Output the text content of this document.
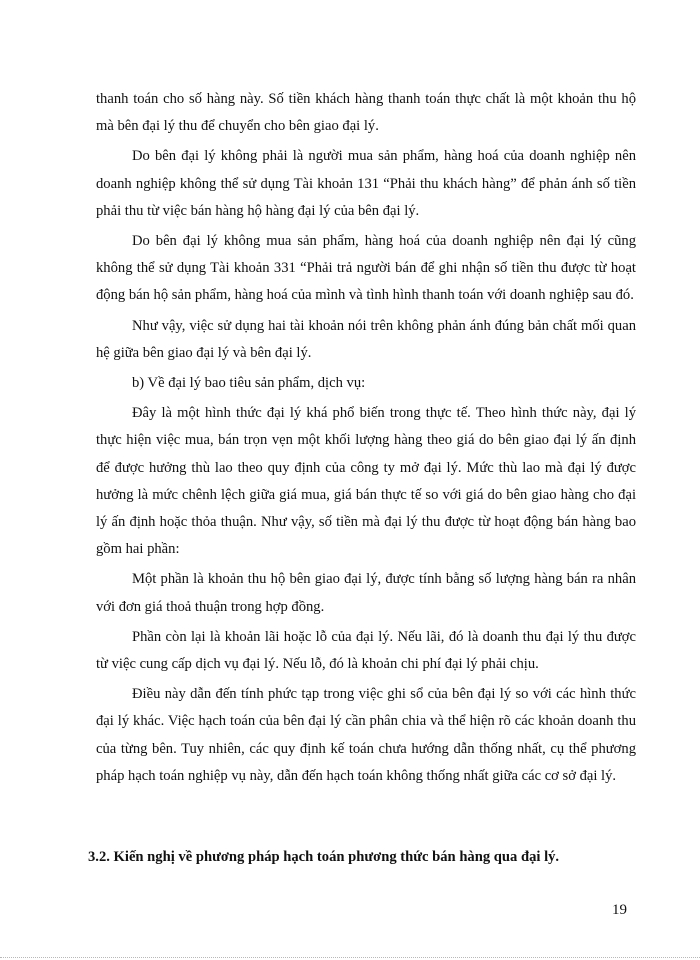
thanh toán cho số hàng này. Số tiền khách hàng thanh toán thực chất là một khoản thu hộ mà bên đại lý thu để chuyển cho bên giao đại lý.

Do bên đại lý không phải là người mua sản phẩm, hàng hoá của doanh nghiệp nên doanh nghiệp không thể sử dụng Tài khoản 131 “Phải thu khách hàng” để phản ánh số tiền phải thu từ việc bán hàng hộ hàng đại lý của bên đại lý.

Do bên đại lý không mua sản phẩm, hàng hoá của doanh nghiệp nên đại lý cũng không thể sử dụng Tài khoản 331 “Phải trả người bán để ghi nhận số tiền thu được từ hoạt động bán hộ sản phẩm, hàng hoá của mình và tình hình thanh toán với doanh nghiệp sau đó.

Như vậy, việc sử dụng hai tài khoản nói trên không phản ánh đúng bản chất mối quan hệ giữa bên giao đại lý và bên đại lý.

b) Về đại lý bao tiêu sản phẩm, dịch vụ:

Đây là một hình thức đại lý khá phổ biến trong thực tế. Theo hình thức này, đại lý thực hiện việc mua, bán trọn vẹn một khối lượng hàng theo giá do bên giao đại lý ấn định để được hưởng thù lao theo quy định của công ty mở đại lý. Mức thù lao mà đại lý được hưởng là mức chênh lệch giữa giá mua, giá bán thực tế so với giá do bên giao hàng cho đại lý ấn định hoặc thỏa thuận. Như vậy, số tiền mà đại lý thu được từ hoạt động bán hàng bao gồm hai phần:

Một phần là khoản thu hộ bên giao đại lý, được tính bằng số lượng hàng bán ra nhân với đơn giá thoả thuận trong hợp đồng.

Phần còn lại là khoản lãi hoặc lỗ của đại lý. Nếu lãi, đó là doanh thu đại lý thu được từ việc cung cấp dịch vụ đại lý. Nếu lỗ, đó là khoản chi phí đại lý phải chịu.

Điều này dẫn đến tính phức tạp trong việc ghi sổ của bên đại lý so với các hình thức đại lý khác. Việc hạch toán của bên đại lý cần phân chia và thể hiện rõ các khoản doanh thu của từng bên. Tuy nhiên, các quy định kế toán chưa hướng dẫn thống nhất, cụ thể phương pháp hạch toán nghiệp vụ này, dẫn đến hạch toán không thống nhất giữa các cơ sở đại lý.

3.2. Kiến nghị về phương pháp hạch toán phương thức bán hàng qua đại lý.
19
